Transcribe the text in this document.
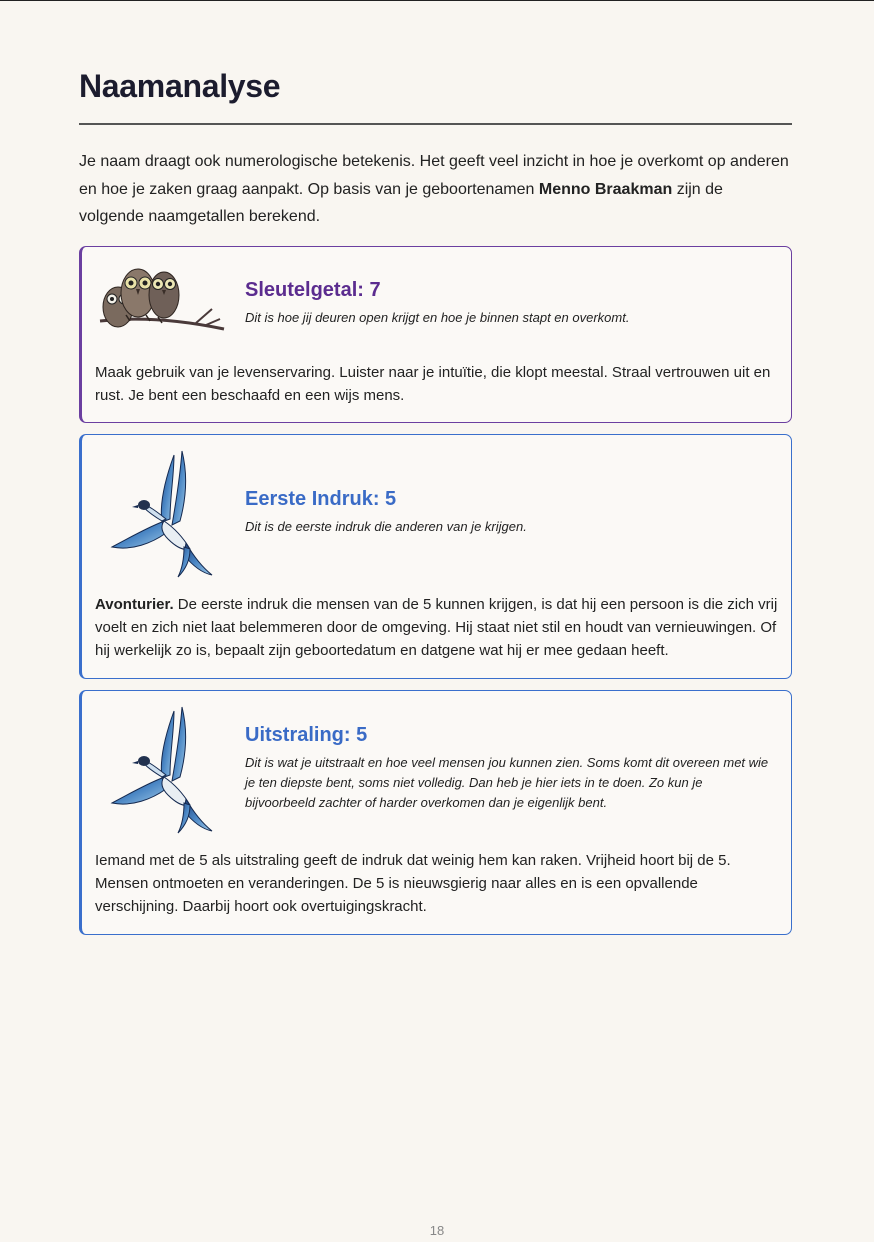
Naamanalyse

Je naam draagt ook numerologische betekenis. Het geeft veel inzicht in hoe je overkomt op anderen en hoe je zaken graag aanpakt. Op basis van je geboortenamen Menno Braakman zijn de volgende naamgetallen berekend.

Sleutelgetal: 7
Dit is hoe jij deuren open krijgt en hoe je binnen stapt en overkomt.

Maak gebruik van je levenservaring. Luister naar je intuïtie, die klopt meestal. Straal vertrouwen uit en rust. Je bent een beschaafd en een wijs mens.

Eerste Indruk: 5
Dit is de eerste indruk die anderen van je krijgen.

Avonturier. De eerste indruk die mensen van de 5 kunnen krijgen, is dat hij een persoon is die zich vrij voelt en zich niet laat belemmeren door de omgeving. Hij staat niet stil en houdt van vernieuwingen. Of hij werkelijk zo is, bepaalt zijn geboortedatum en datgene wat hij er mee gedaan heeft.

Uitstraling: 5
Dit is wat je uitstraalt en hoe veel mensen jou kunnen zien. Soms komt dit overeen met wie je ten diepste bent, soms niet volledig. Dan heb je hier iets in te doen. Zo kun je bijvoorbeeld zachter of harder overkomen dan je eigenlijk bent.

Iemand met de 5 als uitstraling geeft de indruk dat weinig hem kan raken. Vrijheid hoort bij de 5. Mensen ontmoeten en veranderingen. De 5 is nieuwsgierig naar alles en is een opvallende verschijning. Daarbij hoort ook overtuigingskracht.

18
